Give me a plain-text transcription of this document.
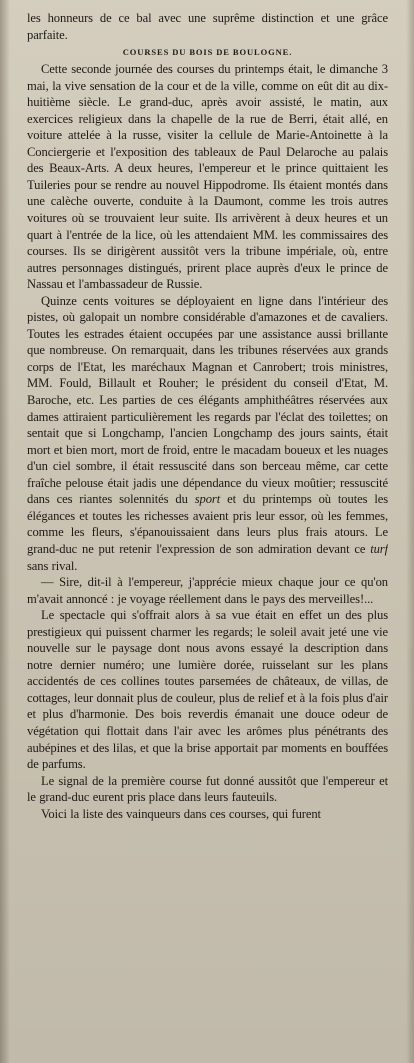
les honneurs de ce bal avec une suprême distinction et une grâce parfaite.

COURSES DU BOIS DE BOULOGNE.

Cette seconde journée des courses du printemps était, le dimanche 3 mai, la vive sensation de la cour et de la ville, comme on eût dit au dix-huitième siècle. Le grand-duc, après avoir assisté, le matin, aux exercices religieux dans la chapelle de la rue de Berri, était allé, en voiture attelée à la russe, visiter la cellule de Marie-Antoinette à la Conciergerie et l'exposition des tableaux de Paul Delaroche au palais des Beaux-Arts. A deux heures, l'empereur et le prince quittaient les Tuileries pour se rendre au nouvel Hippodrome. Ils étaient montés dans une calèche ouverte, conduite à la Daumont, comme les trois autres voitures où se trouvaient leur suite. Ils arrivèrent à deux heures et un quart à l'entrée de la lice, où les attendaient MM. les commissaires des courses. Ils se dirigèrent aussitôt vers la tribune impériale, où, entre autres personnages distingués, prirent place auprès d'eux le prince de Nassau et l'ambassadeur de Russie.

Quinze cents voitures se déployaient en ligne dans l'intérieur des pistes, où galopait un nombre considérable d'amazones et de cavaliers. Toutes les estrades étaient occupées par une assistance aussi brillante que nombreuse. On remarquait, dans les tribunes réservées aux grands corps de l'Etat, les maréchaux Magnan et Canrobert; trois ministres, MM. Fould, Billault et Rouher; le président du conseil d'Etat, M. Baroche, etc. Les parties de ces élégants amphithéâtres réservées aux dames attiraient particulièrement les regards par l'éclat des toilettes; on sentait que si Longchamp, l'ancien Longchamp des jours saints, était mort et bien mort, mort de froid, entre le macadam boueux et les nuages d'un ciel sombre, il était ressuscité dans son berceau même, car cette fraîche pelouse était jadis une dépendance du vieux moûtier; ressuscité dans ces riantes solennités du sport et du printemps où toutes les élégances et toutes les richesses avaient pris leur essor, où les femmes, comme les fleurs, s'épanouissaient dans leurs plus frais atours. Le grand-duc ne put retenir l'expression de son admiration devant ce turf sans rival.

— Sire, dit-il à l'empereur, j'apprécie mieux chaque jour ce qu'on m'avait annoncé : je voyage réellement dans le pays des merveilles!...

Le spectacle qui s'offrait alors à sa vue était en effet un des plus prestigieux qui puissent charmer les regards; le soleil avait jeté une vie nouvelle sur le paysage dont nous avons essayé la description dans notre dernier numéro; une lumière dorée, ruisselant sur les plans accidentés de ces collines toutes parsemées de châteaux, de villas, de cottages, leur donnait plus de couleur, plus de relief et à la fois plus d'air et plus d'harmonie. Des bois reverdis émanait une douce odeur de végétation qui flottait dans l'air avec les arômes plus pénétrants des aubépines et des lilas, et que la brise apportait par moments en bouffées de parfums.

Le signal de la première course fut donné aussitôt que l'empereur et le grand-duc eurent pris place dans leurs fauteuils.

Voici la liste des vainqueurs dans ces courses, qui furent
